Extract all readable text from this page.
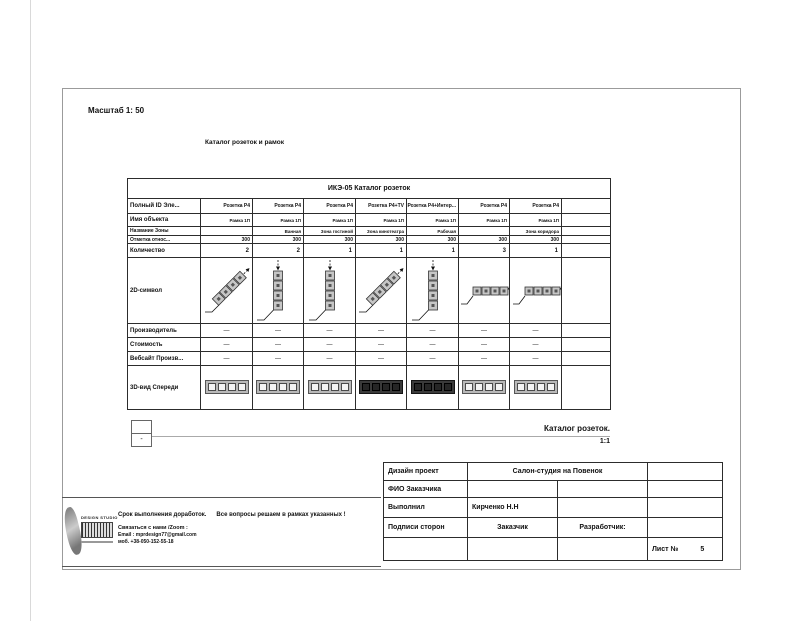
Масштаб 1: 50
Каталог розеток и рамок
ИКЭ-05 Каталог розеток								
Полный ID Эле...	Розетка Р4	Розетка Р4	Розетка Р4	Розетка Р4+ТV	Розетка Р4+Интер...	Розетка Р4	Розетка Р4	
Имя объекта	Рамка 1П	Рамка 1П	Рамка 1П	Рамка 1П	Рамка 1П	Рамка 1П	Рамка 1П	
Название Зоны		Ванная	Зона гостиной	Зона кинотеатра	Рабочая		Зона коридора	
Отметка относ...	300	300	300	300	300	300	300	
Количество	2	2	1	1	1	3	1	
2D-символ								
Производитель	—	—	—	—	—	—	—	
Стоимость	—	—	—	—	—	—	—	
Вебсайт Произв...	—	—	—	—	—	—	—	
3D-вид Спереди	

-
Каталог розеток.
1:1
Дизайн проект	Салон-студия на Повенок		
ФИО Заказчика			
Выполнил	Кирченко Н.Н		
Подписи сторон	Заказчик	Разработчик:	

			Лист № 5
DESIGN STUDIO Срок выполнения доработок.      Все вопросы решаем в рамках указанных !
Связаться с нами /Zoom :
Email : mprdesign77@gmail.com
моб. +38-050-152-55-18
